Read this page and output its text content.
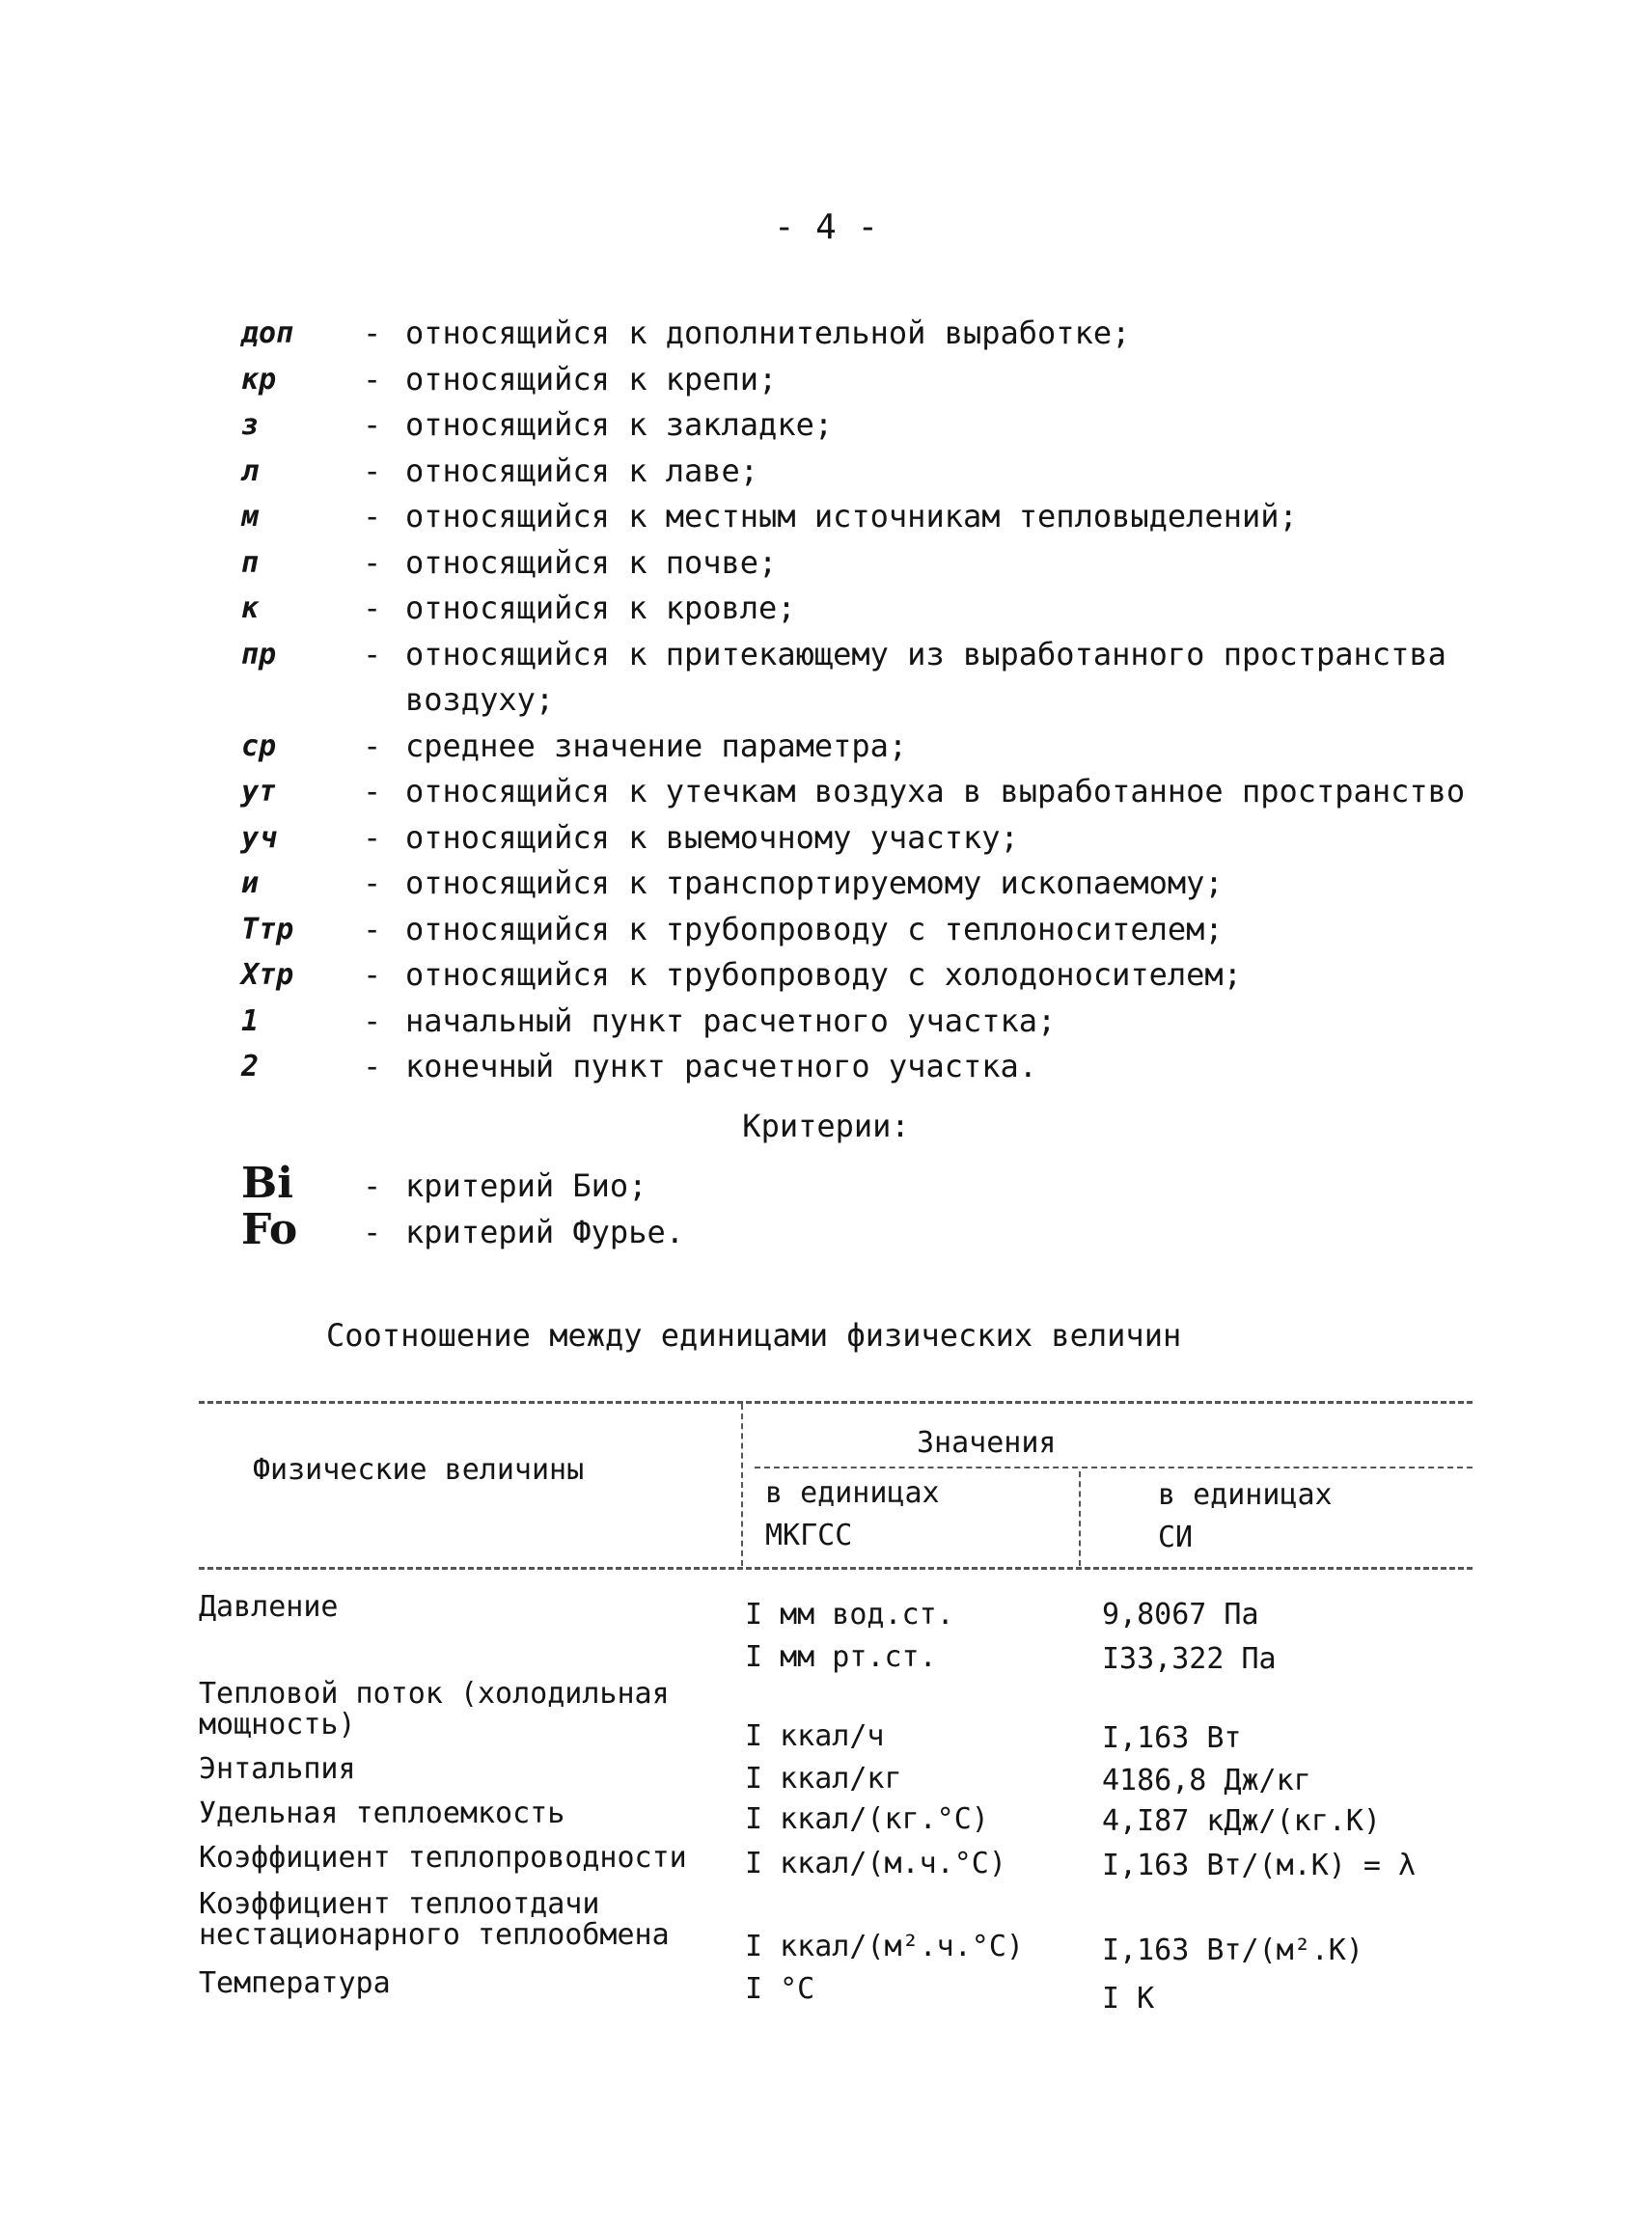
- 4 -
доп	- относящийся к дополнительной выработке;
кр	- относящийся к крепи;
з	- относящийся к закладке;
л	- относящийся к лаве;
м	- относящийся к местным источникам тепловыделений;
п	- относящийся к почве;
к	- относящийся к кровле;
пр	- относящийся к притекающему из выработанного пространства
воздуху;
ср	- среднее значение параметра;
ут	- относящийся к утечкам воздуха в выработанное пространство
уч	- относящийся к выемочному участку;
и	- относящийся к транспортируемому ископаемому;
Tтр	- относящийся к трубопроводу с теплоносителем;
Xтр	- относящийся к трубопроводу с холодоносителем;
1	- начальный пункт расчетного участка;
2	- конечный пункт расчетного участка.
Критерии:
Bi	- критерий Био;
Fo	- критерий Фурье.
Соотношение между единицами физических величин
Физические величины
Значения
в единицах
МКГСС
в единицах
СИ
Давление	I мм вод.ст.	9,8067 Па
I мм рт.ст.	I33,322 Па
Тепловой поток (холодильная мощность)	I ккал/ч	I,163 Вт
Энтальпия	I ккал/кг	4186,8 Дж/кг
Удельная теплоемкость	I ккал/(кг.°С)	4,I87 кДж/(кг.К)
Коэффициент теплопроводности I ккал/(м.ч.°С)	I,163 Вт/(м.К) = λ
Коэффициент теплоотдачи нестационарного теплообмена	I ккал/(м².ч.°С)	I,163 Вт/(м².К)
Температура	I °С	I К
